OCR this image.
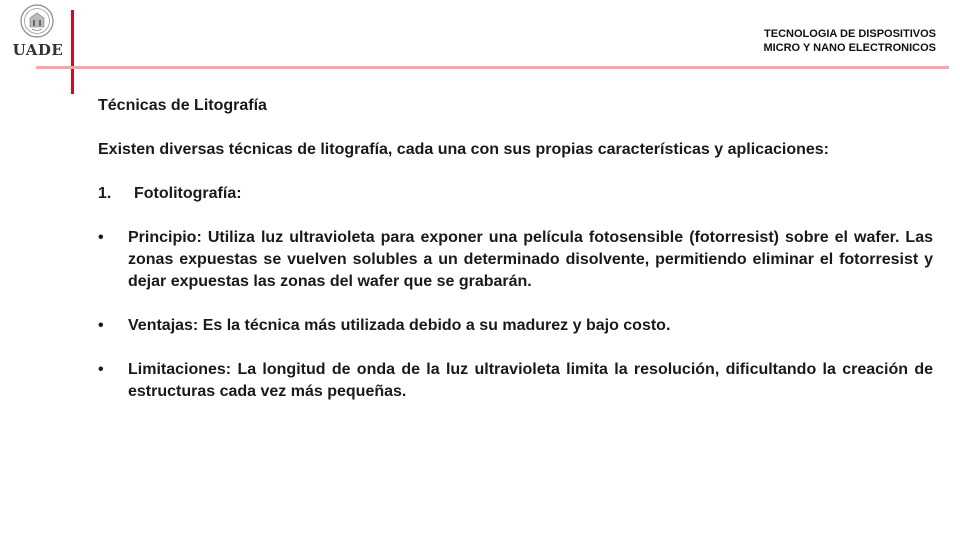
UADE
TECNOLOGIA DE DISPOSITIVOS
MICRO Y NANO ELECTRONICOS

Técnicas de Litografía

Existen diversas técnicas de litografía, cada una con sus propias características y aplicaciones:

1. Fotolitografía:

• Principio: Utiliza luz ultravioleta para exponer una película fotosensible (fotorresist) sobre el wafer. Las zonas expuestas se vuelven solubles a un determinado disolvente, permitiendo eliminar el fotorresist y dejar expuestas las zonas del wafer que se grabarán.

• Ventajas: Es la técnica más utilizada debido a su madurez y bajo costo.

• Limitaciones: La longitud de onda de la luz ultravioleta limita la resolución, dificultando la creación de estructuras cada vez más pequeñas.
